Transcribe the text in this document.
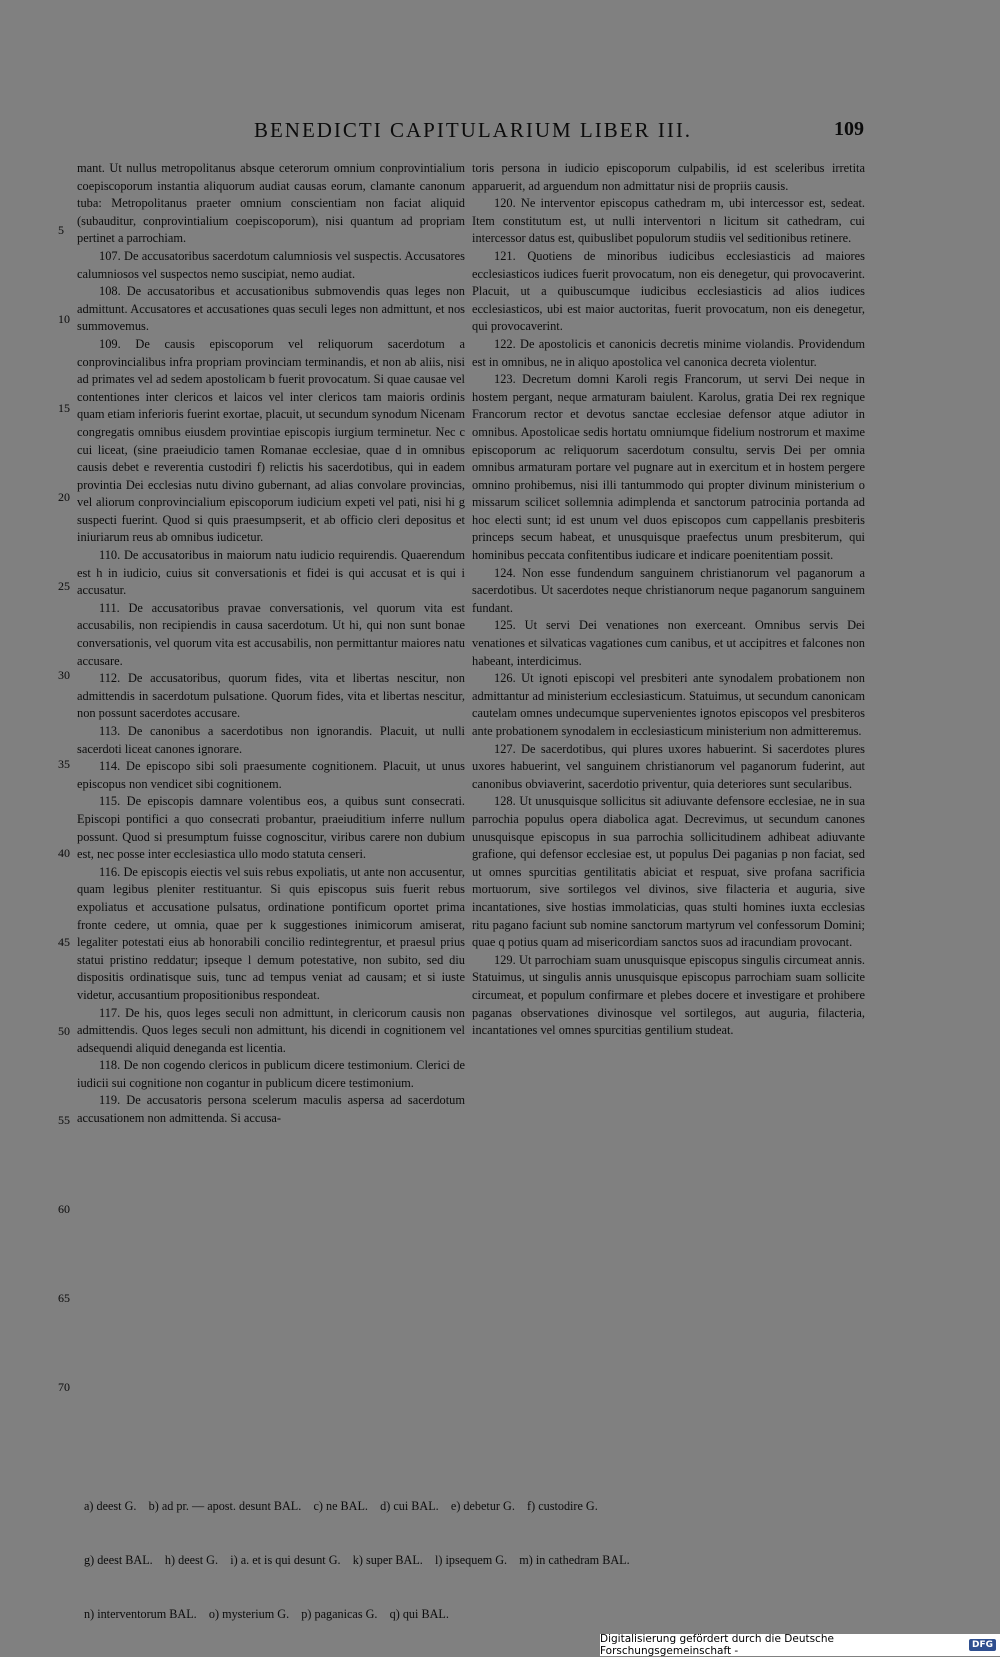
BENEDICTI CAPITULARIUM LIBER III.	109
5
10
15
20
25
30
35
40
45
50
55
60
65
70

mant. Ut nullus metropolitanus absque ceterorum omnium conprovintialium coepiscoporum instantia aliquorum audiat causas eorum, clamante canonum tuba: Metropolitanus praeter omnium conscientiam non faciat aliquid (subauditur, conprovintialium coepiscoporum), nisi quantum ad propriam pertinet a parrochiam.

107. De accusatoribus sacerdotum calumniosis vel suspectis. Accusatores calumniosos vel suspectos nemo suscipiat, nemo audiat.

108. De accusatoribus et accusationibus submovendis quas leges non admittunt. Accusatores et accusationes quas seculi leges non admittunt, et nos summovemus.

109. De causis episcoporum vel reliquorum sacerdotum a conprovincialibus infra propriam provinciam terminandis, et non ab aliis, nisi ad primates vel ad sedem apostolicam b fuerit provocatum. Si quae causae vel contentiones inter clericos et laicos vel inter clericos tam maioris ordinis quam etiam inferioris fuerint exortae, placuit, ut secundum synodum Nicenam congregatis omnibus eiusdem provintiae episcopis iurgium terminetur. Nec c cui liceat, (sine praeiudicio tamen Romanae ecclesiae, quae d in omnibus causis debet e reverentia custodiri f) relictis his sacerdotibus, qui in eadem provintia Dei ecclesias nutu divino gubernant, ad alias convolare provincias, vel aliorum conprovincialium episcoporum iudicium expeti vel pati, nisi hi g suspecti fuerint. Quod si quis praesumpserit, et ab officio cleri depositus et iniuriarum reus ab omnibus iudicetur.

110. De accusatoribus in maiorum natu iudicio requirendis. Quaerendum est h in iudicio, cuius sit conversationis et fidei is qui accusat et is qui i accusatur.

111. De accusatoribus pravae conversationis, vel quorum vita est accusabilis, non recipiendis in causa sacerdotum. Ut hi, qui non sunt bonae conversationis, vel quorum vita est accusabilis, non permittantur maiores natu accusare.

112. De accusatoribus, quorum fides, vita et libertas nescitur, non admittendis in sacerdotum pulsatione. Quorum fides, vita et libertas nescitur, non possunt sacerdotes accusare.

113. De canonibus a sacerdotibus non ignorandis. Placuit, ut nulli sacerdoti liceat canones ignorare.

114. De episcopo sibi soli praesumente cognitionem. Placuit, ut unus episcopus non vendicet sibi cognitionem.

115. De episcopis damnare volentibus eos, a quibus sunt consecrati. Episcopi pontifici a quo consecrati probantur, praeiuditium inferre nullum possunt. Quod si presumptum fuisse cognoscitur, viribus carere non dubium est, nec posse inter ecclesiastica ullo modo statuta censeri.

116. De episcopis eiectis vel suis rebus expoliatis, ut ante non accusentur, quam legibus pleniter restituantur. Si quis episcopus suis fuerit rebus expoliatus et accusatione pulsatus, ordinatione pontificum oportet prima fronte cedere, ut omnia, quae per k suggestiones inimicorum amiserat, legaliter potestati eius ab honorabili concilio redintegrentur, et praesul prius statui pristino reddatur; ipseque l demum potestative, non subito, sed diu dispositis ordinatisque suis, tunc ad tempus veniat ad causam; et si iuste videtur, accusantium propositionibus respondeat.

117. De his, quos leges seculi non admittunt, in clericorum causis non admittendis. Quos leges seculi non admittunt, his dicendi in cognitionem vel adsequendi aliquid deneganda est licentia.

118. De non cogendo clericos in publicum dicere testimonium. Clerici de iudicii sui cognitione non cogantur in publicum dicere testimonium.

119. De accusatoris persona scelerum maculis aspersa ad sacerdotum accusationem non admittenda. Si accusa-

toris persona in iudicio episcoporum culpabilis, id est sceleribus irretita apparuerit, ad arguendum non admittatur nisi de propriis causis.

120. Ne interventor episcopus cathedram m, ubi intercessor est, sedeat. Item constitutum est, ut nulli interventori n licitum sit cathedram, cui intercessor datus est, quibuslibet populorum studiis vel seditionibus retinere.

121. Quotiens de minoribus iudicibus ecclesiasticis ad maiores ecclesiasticos iudices fuerit provocatum, non eis denegetur, qui provocaverint. Placuit, ut a quibuscumque iudicibus ecclesiasticis ad alios iudices ecclesiasticos, ubi est maior auctoritas, fuerit provocatum, non eis denegetur, qui provocaverint.

122. De apostolicis et canonicis decretis minime violandis. Providendum est in omnibus, ne in aliquo apostolica vel canonica decreta violentur.

123. Decretum domni Karoli regis Francorum, ut servi Dei neque in hostem pergant, neque armaturam baiulent. Karolus, gratia Dei rex regnique Francorum rector et devotus sanctae ecclesiae defensor atque adiutor in omnibus. Apostolicae sedis hortatu omniumque fidelium nostrorum et maxime episcoporum ac reliquorum sacerdotum consultu, servis Dei per omnia omnibus armaturam portare vel pugnare aut in exercitum et in hostem pergere omnino prohibemus, nisi illi tantummodo qui propter divinum ministerium o missarum scilicet sollemnia adimplenda et sanctorum patrocinia portanda ad hoc electi sunt; id est unum vel duos episcopos cum cappellanis presbiteris princeps secum habeat, et unusquisque praefectus unum presbiterum, qui hominibus peccata confitentibus iudicare et indicare poenitentiam possit.

124. Non esse fundendum sanguinem christianorum vel paganorum a sacerdotibus. Ut sacerdotes neque christianorum neque paganorum sanguinem fundant.

125. Ut servi Dei venationes non exerceant. Omnibus servis Dei venationes et silvaticas vagationes cum canibus, et ut accipitres et falcones non habeant, interdicimus.

126. Ut ignoti episcopi vel presbiteri ante synodalem probationem non admittantur ad ministerium ecclesiasticum. Statuimus, ut secundum canonicam cautelam omnes undecumque supervenientes ignotos episcopos vel presbiteros ante probationem synodalem in ecclesiasticum ministerium non admitteremus.

127. De sacerdotibus, qui plures uxores habuerint. Si sacerdotes plures uxores habuerint, vel sanguinem christianorum vel paganorum fuderint, aut canonibus obviaverint, sacerdotio priventur, quia deteriores sunt secularibus.

128. Ut unusquisque sollicitus sit adiuvante defensore ecclesiae, ne in sua parrochia populus opera diabolica agat. Decrevimus, ut secundum canones unusquisque episcopus in sua parrochia sollicitudinem adhibeat adiuvante grafione, qui defensor ecclesiae est, ut populus Dei paganias p non faciat, sed ut omnes spurcitias gentilitatis abiciat et respuat, sive profana sacrificia mortuorum, sive sortilegos vel divinos, sive filacteria et auguria, sive incantationes, sive hostias immolaticias, quas stulti homines iuxta ecclesias ritu pagano faciunt sub nomine sanctorum martyrum vel confessorum Domini; quae q potius quam ad misericordiam sanctos suos ad iracundiam provocant.

129. Ut parrochiam suam unusquisque episcopus singulis circumeat annis. Statuimus, ut singulis annis unusquisque episcopus parrochiam suam sollicite circumeat, et populum confirmare et plebes docere et investigare et prohibere paganas observationes divinosque vel sortilegos, aut auguria, filacteria, incantationes vel omnes spurcitias gentilium studeat.

a) deest G.    b) ad pr. — apost. desunt BAL.    c) ne BAL.    d) cui BAL.    e) debetur G.    f) custodire G.

g) deest BAL.    h) deest G.    i) a. et is qui desunt G.    k) super BAL.    l) ipsequem G.    m) in cathedram BAL.

n) interventorum BAL.    o) mysterium G.    p) paganicas G.    q) qui BAL.

Digitalisierung gefördert durch die Deutsche Forschungsgemeinschaft -	DFG
